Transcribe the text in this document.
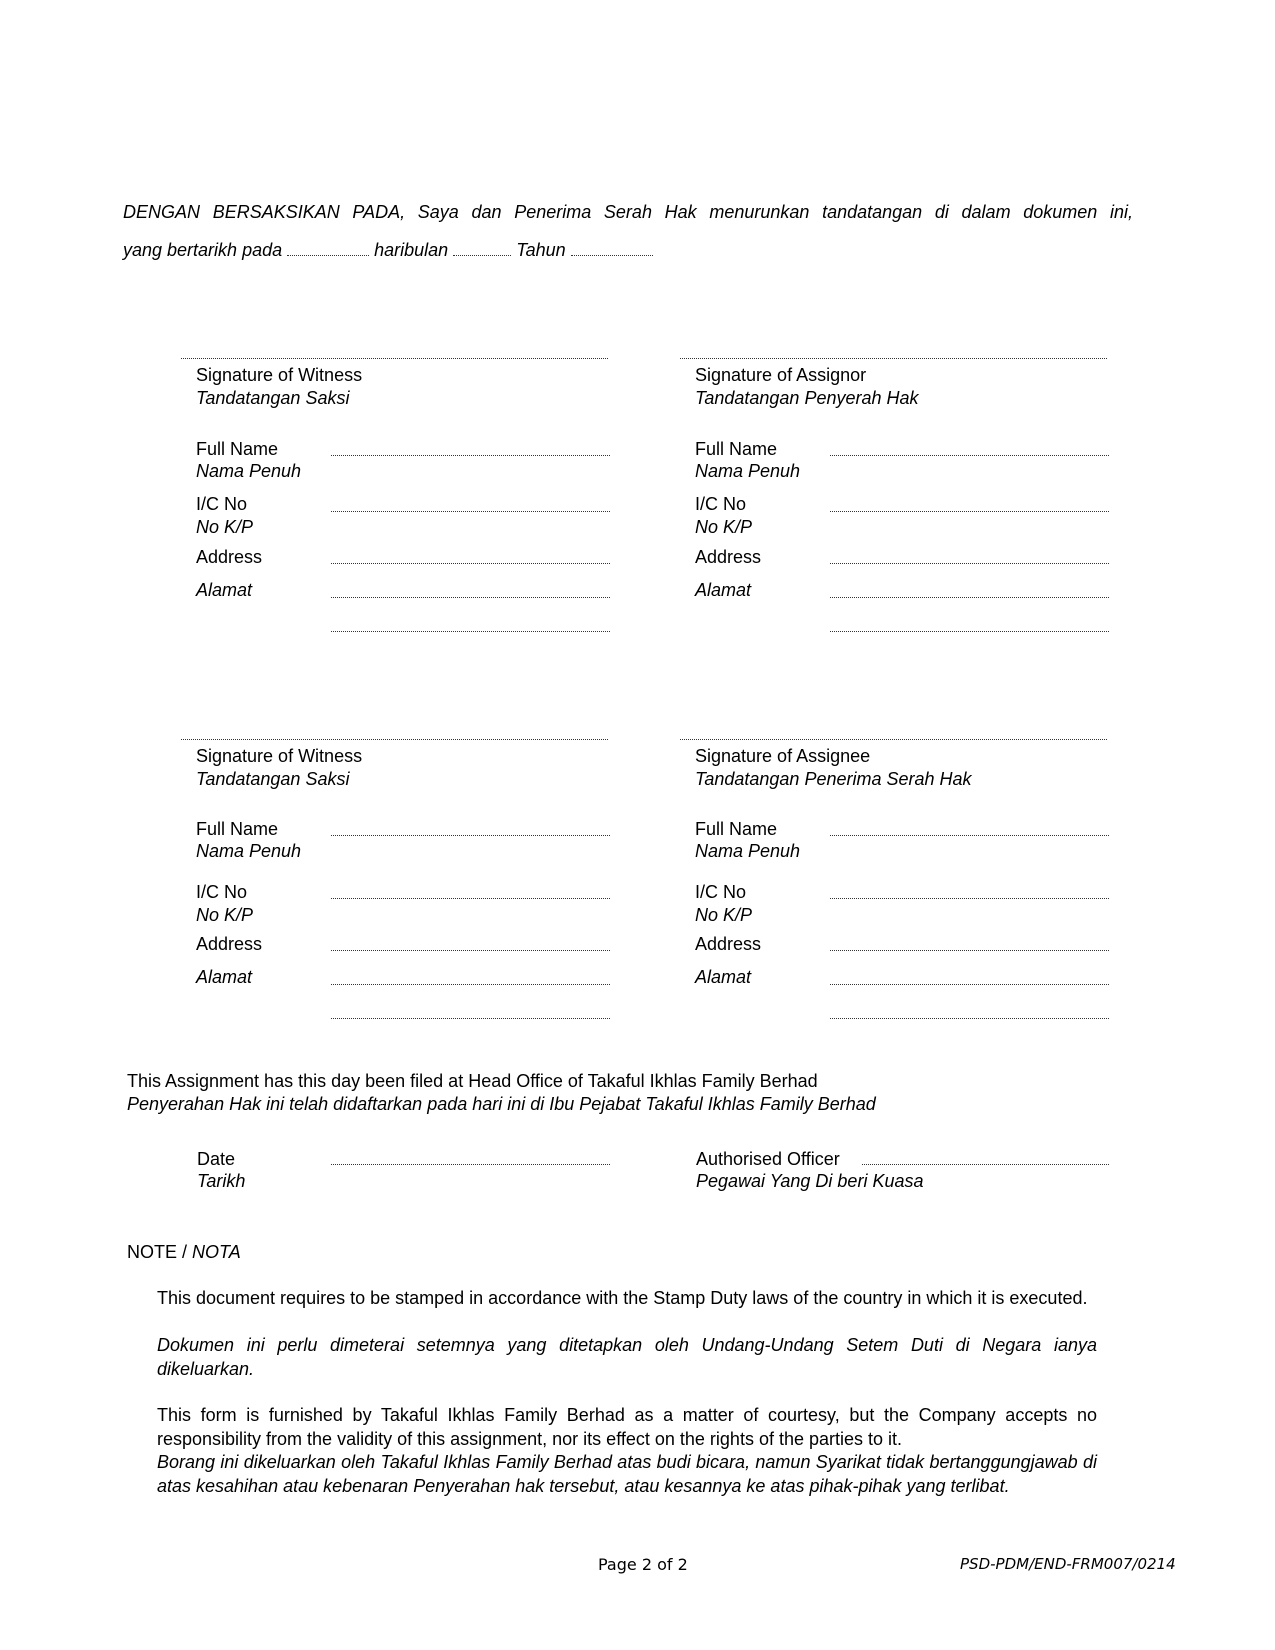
DENGAN BERSAKSIKAN PADA, Saya dan Penerima Serah Hak menurunkan tandatangan di dalam dokumen ini,
yang bertarikh pada	haribulan	Tahun
Signature of Witness
Tandatangan Saksi
Full Name
Nama Penuh
I/C No
No K/P
Address
Alamat
Signature of Assignor
Tandatangan Penyerah Hak
Full Name
Nama Penuh
I/C No
No K/P
Address
Alamat
Signature of Witness
Tandatangan Saksi
Full Name
Nama Penuh
I/C No
No K/P
Address
Alamat
Signature of Assignee
Tandatangan Penerima Serah Hak
Full Name
Nama Penuh
I/C No
No K/P
Address
Alamat
This Assignment has this day been filed at Head Office of Takaful Ikhlas Family Berhad
Penyerahan Hak ini telah didaftarkan pada hari ini di Ibu Pejabat Takaful Ikhlas Family Berhad
Date
Tarikh
Authorised Officer
Pegawai Yang Di beri Kuasa
NOTE / NOTA
This document requires to be stamped in accordance with the Stamp Duty laws of the country in which it is executed.
Dokumen ini perlu dimeterai setemnya yang ditetapkan oleh Undang-Undang Setem Duti di Negara ianya dikeluarkan.
This form is furnished by Takaful Ikhlas Family Berhad as a matter of courtesy, but the Company accepts no responsibility from the validity of this assignment, nor its effect on the rights of the parties to it.
Borang ini dikeluarkan oleh Takaful Ikhlas Family Berhad atas budi bicara, namun Syarikat tidak bertanggungjawab di atas kesahihan atau kebenaran Penyerahan hak tersebut, atau kesannya ke atas pihak-pihak yang terlibat.
Page 2 of 2	PSD-PDM/END-FRM007/0214
